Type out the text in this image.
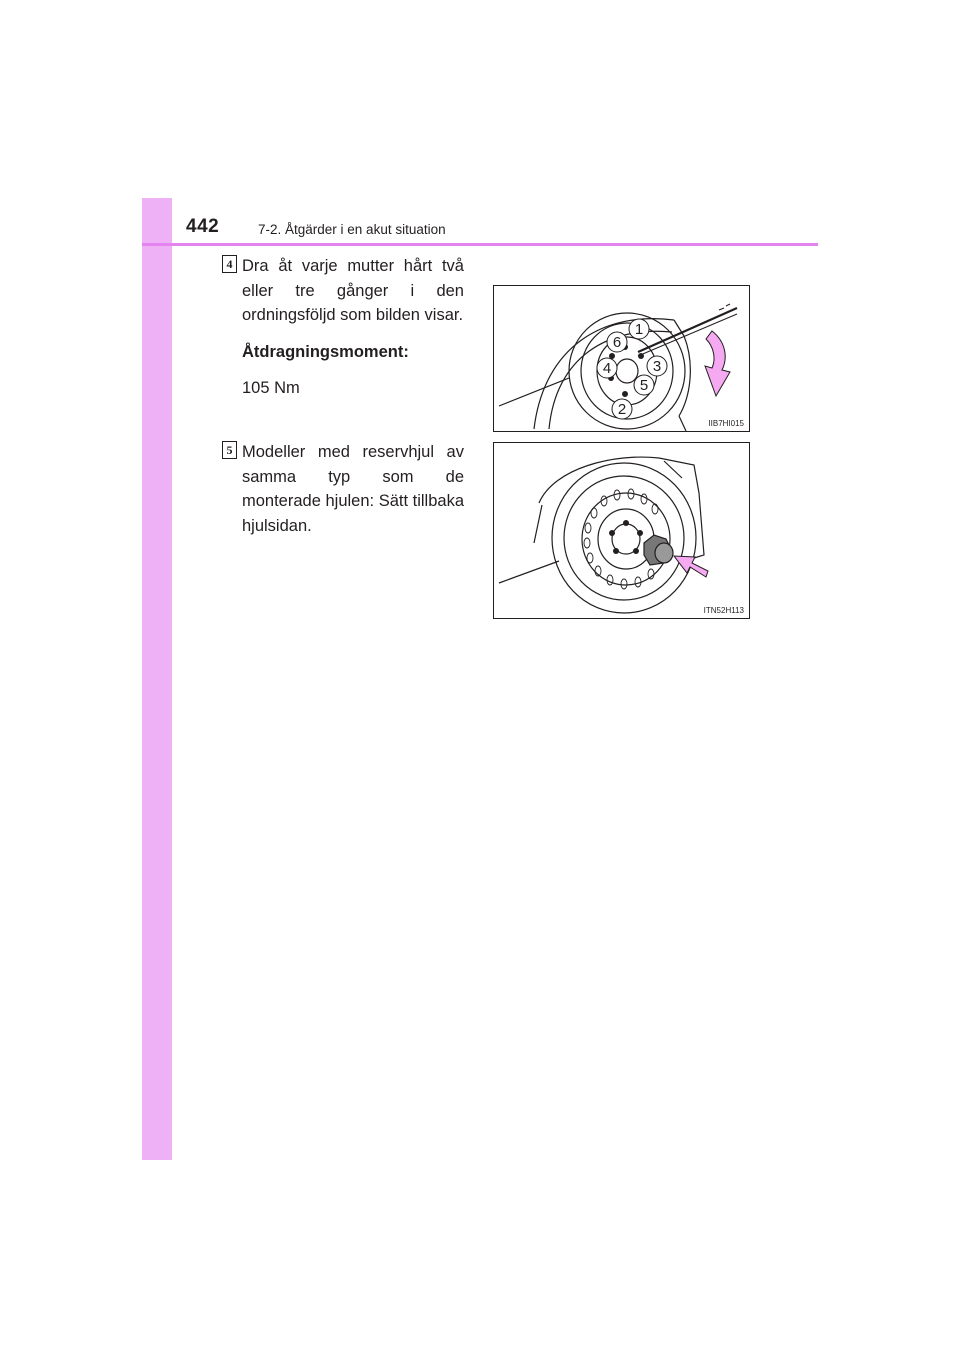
442	7-2. Åtgärder i en akut situation
4 Dra åt varje mutter hårt två eller tre gånger i den ordningsföljd som bilden visar.

Åtdragningsmoment:

105 Nm

1
2
3
4
5
6
IIB7HI015
5 Modeller med reservhjul av samma typ som de monterade hjulen: Sätt tillbaka hjulsidan.

ITN52H113
